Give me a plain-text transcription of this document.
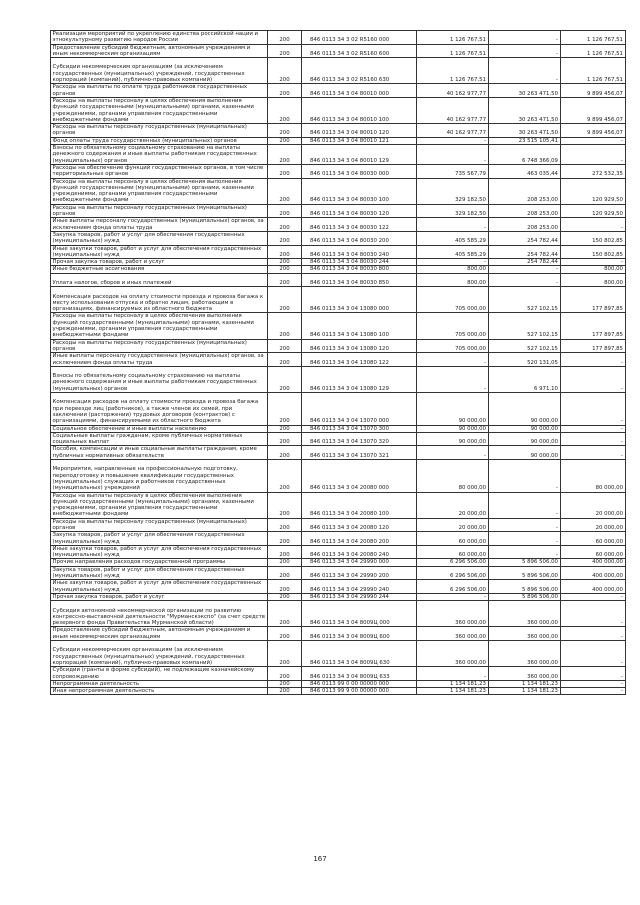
Реализация мероприятий по укреплению единства российской нации и этнокультурному развитию народов России	200	846 0113 34 3 02 R5160 000	1 126 767,51	-	1 126 767,51
Предоставление субсидий бюджетным, автономным учреждениям и иным некоммерческим организациям	200	846 0113 34 3 02 R5160 600	1 126 767,51	-	1 126 767,51
Субсидии некоммерческим организациям (за исключением государственных (муниципальных) учреждений, государственных корпораций (компаний), публично-правовых компаний)	200	846 0113 34 3 02 R5160 630	1 126 767,51	-	1 126 767,51
Расходы на выплаты по оплате труда работников государственных органов	200	846 0113 34 3 04 80010 000	40 162 977,77	30 263 471,50	9 899 456,07
Расходы на выплаты персоналу в целях обеспечения выполнения функций государственными (муниципальными) органами, казенными учреждениями, органами управления государственными внебюджетными фондами	200	846 0113 34 3 04 80010 100	40 162 977,77	30 263 471,50	9 899 456,07
Расходы на выплаты персоналу государственных (муниципальных) органов	200	846 0113 34 3 04 80010 120	40 162 977,77	30 263 471,50	9 899 456,07
Фонд оплаты труда государственных (муниципальных) органов	200	846 0113 34 3 04 80010 121	-	23 515 105,41	-
Взносы по обязательному социальному страхованию на выплаты денежного содержания и иные выплаты работникам государственных (муниципальных) органов	200	846 0113 34 3 04 80010 129	-	6 748 366,09	-
Расходы на обеспечение функций государственных органов, в том числе территориальных органов	200	846 0113 34 3 04 80030 000	735 567,79	463 035,44	272 532,35
Расходы на выплаты персоналу в целях обеспечения выполнения функций государственными (муниципальными) органами, казенными учреждениями, органами управления государственными внебюджетными фондами	200	846 0113 34 3 04 80030 100	329 182,50	208 253,00	120 929,50
Расходы на выплаты персоналу государственных (муниципальных) органов	200	846 0113 34 3 04 80030 120	329 182,50	208 253,00	120 929,50
Иные выплаты персоналу государственных (муниципальных) органов, за исключением фонда оплаты труда	200	846 0113 34 3 04 80030 122	-	208 253,00	-
Закупка товаров, работ и услуг для обеспечения государственных (муниципальных) нужд	200	846 0113 34 3 04 80030 200	405 585,29	254 782,44	150 802,85
Иные закупки товаров, работ и услуг для обеспечения государственных (муниципальных) нужд	200	846 0113 34 3 04 80030 240	405 585,29	254 782,44	150 802,85
Прочая закупка товаров, работ и услуг	200	846 0113 34 3 04 80030 244	-	254 782,44	-
Иные бюджетные ассигнования	200	846 0113 34 3 04 80030 800	800,00	-	800,00
Уплата налогов, сборов и иных платежей	200	846 0113 34 3 04 80030 850	800,00	-	800,00
Компенсация расходов на оплату стоимости проезда и провоза багажа к месту использования отпуска и обратно лицам, работающим в организациях, финансируемых из областного бюджета	200	846 0113 34 3 04 13080 000	705 000,00	527 102,15	177 897,85
Расходы на выплаты персоналу в целях обеспечения выполнения функций государственными (муниципальными) органами, казенными учреждениями, органами управления государственными внебюджетными фондами	200	846 0113 34 3 04 13080 100	705 000,00	527 102,15	177 897,85
Расходы на выплаты персоналу государственных (муниципальных) органов	200	846 0113 34 3 04 13080 120	705 000,00	527 102,15	177 897,85
Иные выплаты персоналу государственных (муниципальных) органов, за исключением фонда оплаты труда	200	846 0113 34 3 04 13080 122	-	520 131,05	-
Взносы по обязательному социальному страхованию на выплаты денежного содержания и иные выплаты работникам государственных (муниципальных) органов	200	846 0113 34 3 04 13080 129	-	6 971,10	-
Компенсация расходов на оплату стоимости проезда и провоза багажа при переезде лиц (работников), а также членов их семей, при заключении (расторжении) трудовых договоров (контрактов) с организациями, финансируемыми из областного бюджета	200	846 0113 34 3 04 13070 000	90 000,00	90 000,00	-
Социальное обеспечение и иные выплаты населению	200	846 0113 34 3 04 13070 300	90 000,00	90 000,00	-
Социальные выплаты гражданам, кроме публичных нормативных социальных выплат	200	846 0113 34 3 04 13070 320	90 000,00	90 000,00	-
Пособия, компенсации и иные социальные выплаты гражданам, кроме публичных нормативных обязательств	200	846 0113 34 3 04 13070 321	-	90 000,00	-
Мероприятия, направленные на профессиональную подготовку, переподготовку и повышение квалификации государственных (муниципальных) служащих и работников государственных (муниципальных) учреждений	200	846 0113 34 3 04 20080 000	80 000,00	-	80 000,00
Расходы на выплаты персоналу в целях обеспечения выполнения функций государственными (муниципальными) органами, казенными учреждениями, органами управления государственными внебюджетными фондами	200	846 0113 34 3 04 20080 100	20 000,00	-	20 000,00
Расходы на выплаты персоналу государственных (муниципальных) органов	200	846 0113 34 3 04 20080 120	20 000,00	-	20 000,00
Закупка товаров, работ и услуг для обеспечения государственных (муниципальных) нужд	200	846 0113 34 3 04 20080 200	60 000,00	-	60 000,00
Иные закупки товаров, работ и услуг для обеспечения государственных (муниципальных) нужд	200	846 0113 34 3 04 20080 240	60 000,00	-	60 000,00
Прочие направления расходов государственной программы	200	846 0113 34 3 04 29990 000	6 296 506,00	5 896 506,00	400 000,00
Закупка товаров, работ и услуг для обеспечения государственных (муниципальных) нужд	200	846 0113 34 3 04 29990 200	6 296 506,00	5 896 506,00	400 000,00
Иные закупки товаров, работ и услуг для обеспечения государственных (муниципальных) нужд	200	846 0113 34 3 04 29990 240	6 296 506,00	5 896 506,00	400 000,00
Прочая закупка товаров, работ и услуг	200	846 0113 34 3 04 29990 244	-	5 896 506,00	-
Субсидия автономной некоммерческой организации по развитию конгрессно-выставочной деятельности "Мурманскэкспо" (за счет средств резервного фонда Правительства Мурманской области)	200	846 0113 34 3 04 8009Ц 000	360 000,00	360 000,00	-
Предоставление субсидий бюджетным, автономным учреждениям и иным некоммерческим организациям	200	846 0113 34 3 04 8009Ц 600	360 000,00	360 000,00	-
Субсидии некоммерческим организациям (за исключением государственных (муниципальных) учреждений, государственных корпораций (компаний), публично-правовых компаний)	200	846 0113 34 3 04 8009Ц 630	360 000,00	360 000,00	-
Субсидии (гранты в форме субсидий), не подлежащие казначейскому сопровождению	200	846 0113 34 3 04 8009Ц 633	-	360 000,00	-
Непрограммная деятельность	200	846 0113 99 0 00 00000 000	1 134 181,23	1 134 181,23	-
Иная непрограммная деятельность	200	846 0113 99 9 00 00000 000	1 134 181,23	1 134 181,23	-
167
